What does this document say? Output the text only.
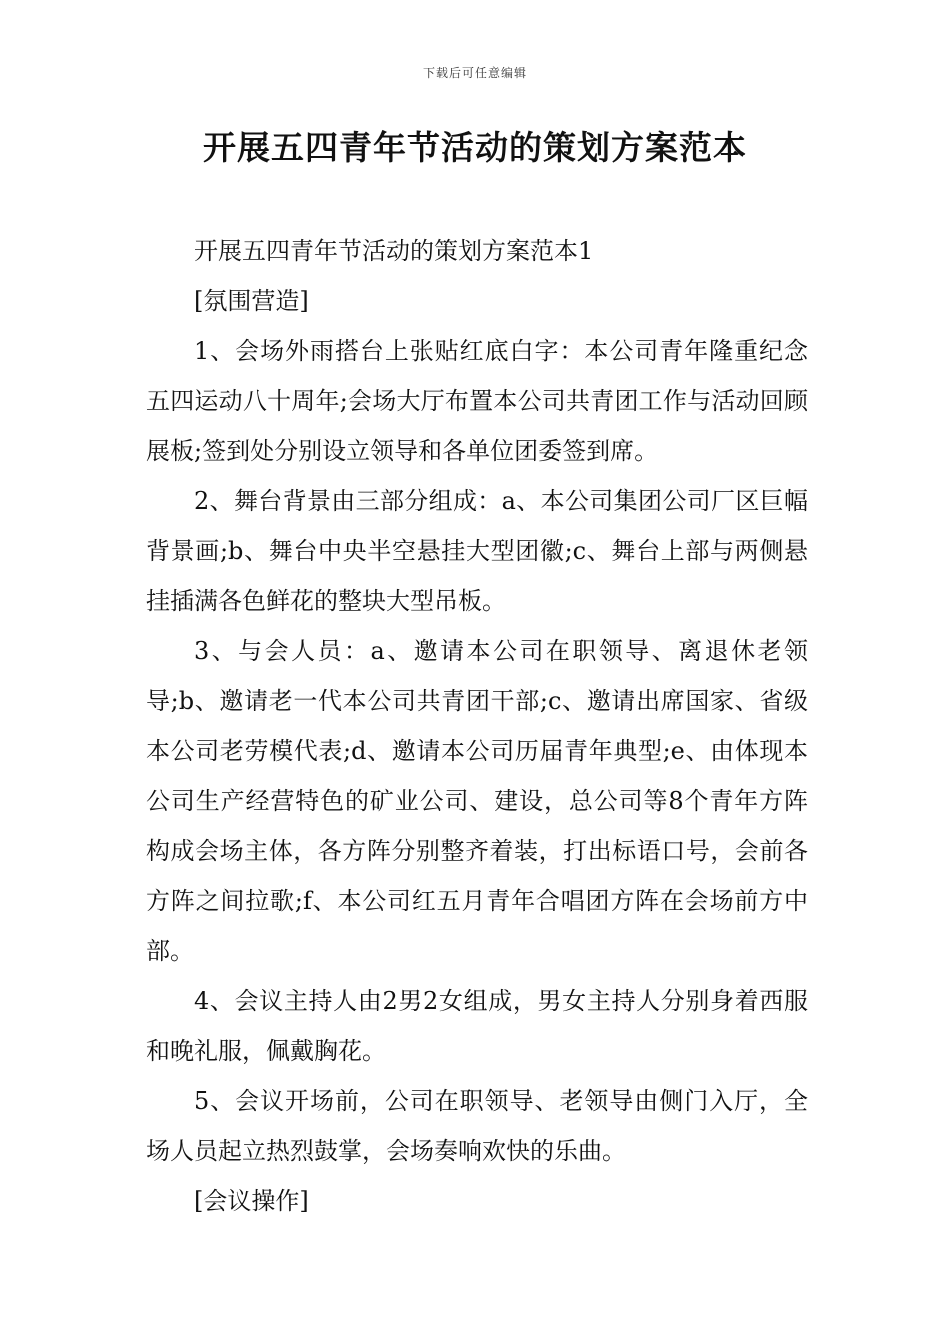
下载后可任意编辑
开展五四青年节活动的策划方案范本

开展五四青年节活动的策划方案范本1

[氛围营造]

1、会场外雨搭台上张贴红底白字：本公司青年隆重纪念五四运动八十周年;会场大厅布置本公司共青团工作与活动回顾展板;签到处分别设立领导和各单位团委签到席。

2、舞台背景由三部分组成：a、本公司集团公司厂区巨幅背景画;b、舞台中央半空悬挂大型团徽;c、舞台上部与两侧悬挂插满各色鲜花的整块大型吊板。

3、与会人员：a、邀请本公司在职领导、离退休老领导;b、邀请老一代本公司共青团干部;c、邀请出席国家、省级本公司老劳模代表;d、邀请本公司历届青年典型;e、由体现本公司生产经营特色的矿业公司、建设，总公司等8个青年方阵构成会场主体，各方阵分别整齐着装，打出标语口号，会前各方阵之间拉歌;f、本公司红五月青年合唱团方阵在会场前方中部。

4、会议主持人由2男2女组成，男女主持人分别身着西服和晚礼服，佩戴胸花。

5、会议开场前，公司在职领导、老领导由侧门入厅，全场人员起立热烈鼓掌，会场奏响欢快的乐曲。

[会议操作]
